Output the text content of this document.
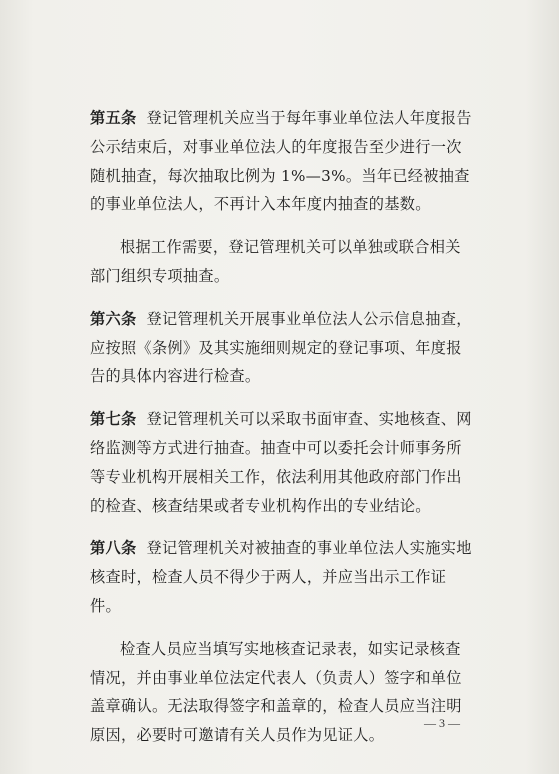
第五条 登记管理机关应当于每年事业单位法人年度报告公示结束后，对事业单位法人的年度报告至少进行一次随机抽查，每次抽取比例为 1%—3%。当年已经被抽查的事业单位法人，不再计入本年度内抽查的基数。

根据工作需要，登记管理机关可以单独或联合相关部门组织专项抽查。

第六条 登记管理机关开展事业单位法人公示信息抽查，应按照《条例》及其实施细则规定的登记事项、年度报告的具体内容进行检查。

第七条 登记管理机关可以采取书面审查、实地核查、网络监测等方式进行抽查。抽查中可以委托会计师事务所等专业机构开展相关工作，依法利用其他政府部门作出的检查、核查结果或者专业机构作出的专业结论。

第八条 登记管理机关对被抽查的事业单位法人实施实地核查时，检查人员不得少于两人，并应当出示工作证件。

检查人员应当填写实地核查记录表，如实记录核查情况，并由事业单位法定代表人（负责人）签字和单位盖章确认。无法取得签字和盖章的，检查人员应当注明原因，必要时可邀请有关人员作为见证人。

— 3 —
